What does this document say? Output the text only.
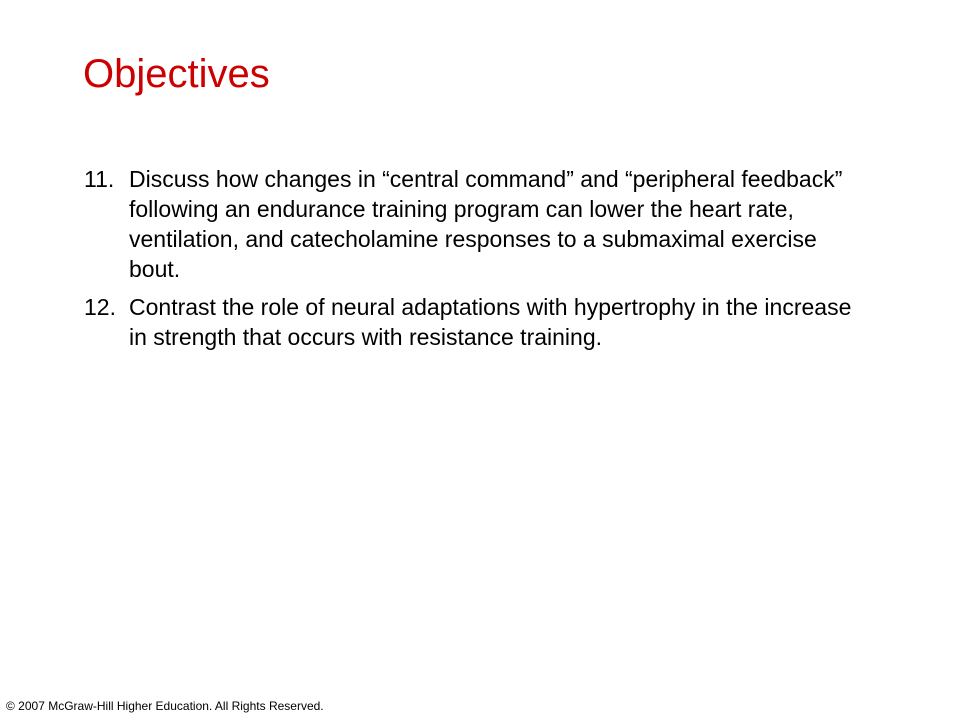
Objectives
11. Discuss how changes in “central command” and “peripheral feedback” following an endurance training program can lower the heart rate, ventilation, and catecholamine responses to a submaximal exercise bout.
12. Contrast the role of neural adaptations with hypertrophy in the increase in strength that occurs with resistance training.
© 2007 McGraw-Hill Higher Education. All Rights Reserved.
